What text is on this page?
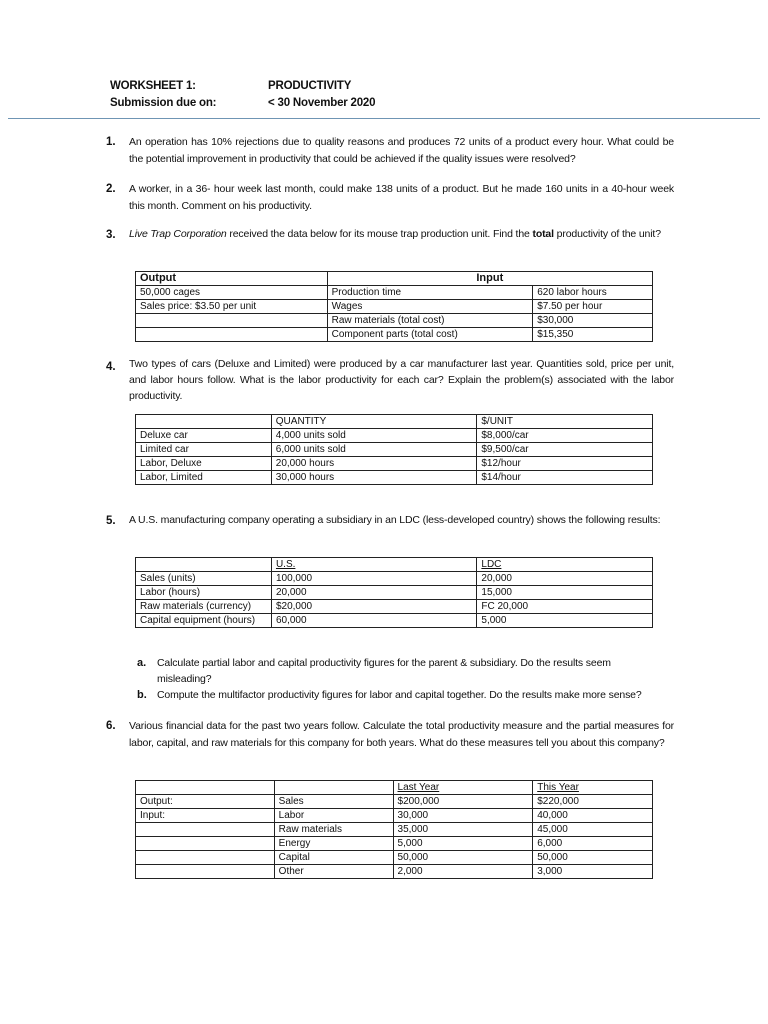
WORKSHEET 1:	PRODUCTIVITY
Submission due on:	< 30 November 2020
1. An operation has 10% rejections due to quality reasons and produces 72 units of a product every hour. What could be the potential improvement in productivity that could be achieved if the quality issues were resolved?
2. A worker, in a 36- hour week last month, could make 138 units of a product. But he made 160 units in a 40-hour week this month. Comment on his productivity.
3. Live Trap Corporation received the data below for its mouse trap production unit. Find the total productivity of the unit?
Output	Input	
50,000 cages	Production time	620 labor hours
Sales price: $3.50 per unit	Wages	$7.50 per hour
	Raw materials (total cost)	$30,000
	Component parts (total cost)	$15,350
4. Two types of cars (Deluxe and Limited) were produced by a car manufacturer last year. Quantities sold, price per unit, and labor hours follow. What is the labor productivity for each car? Explain the problem(s) associated with the labor productivity.
	QUANTITY	$/UNIT
Deluxe car	4,000 units sold	$8,000/car
Limited car	6,000 units sold	$9,500/car
Labor, Deluxe	20,000 hours	$12/hour
Labor, Limited	30,000 hours	$14/hour
5. A U.S. manufacturing company operating a subsidiary in an LDC (less-developed country) shows the following results:
	U.S.	LDC
Sales (units)	100,000	20,000
Labor (hours)	20,000	15,000
Raw materials (currency)	$20,000	FC 20,000
Capital equipment (hours)	60,000	5,000
a. Calculate partial labor and capital productivity figures for the parent & subsidiary. Do the results seem misleading?
b. Compute the multifactor productivity figures for labor and capital together. Do the results make more sense?
6. Various financial data for the past two years follow. Calculate the total productivity measure and the partial measures for labor, capital, and raw materials for this company for both years. What do these measures tell you about this company?
		Last Year	This Year
Output:	Sales	$200,000	$220,000
Input:	Labor	30,000	40,000
	Raw materials	35,000	45,000
	Energy	5,000	6,000
	Capital	50,000	50,000
	Other	2,000	3,000
